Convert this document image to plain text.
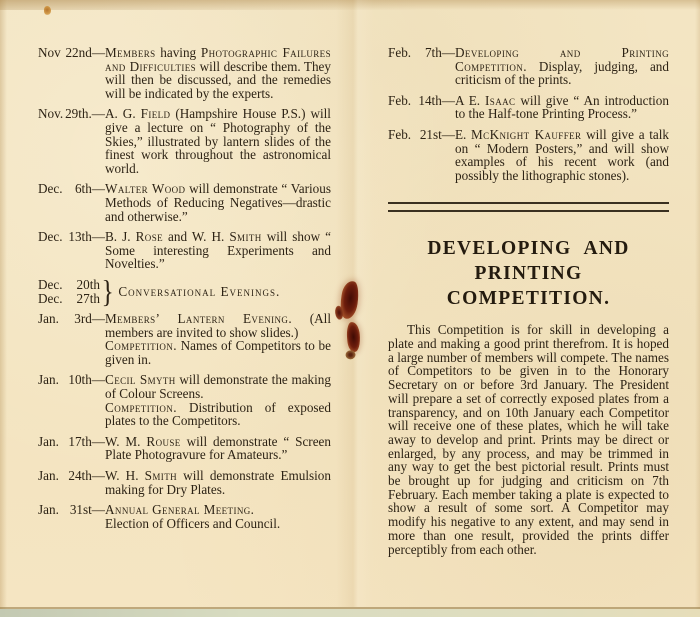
Nov 22nd— Members having Photographic Failures and Difficulties will describe them. They will then be discussed, and the remedies will be indicated by the experts.
Nov. 29th.— A. G. Field (Hampshire House P.S.) will give a lecture on “ Photography of the Skies,” illustrated by lantern slides of the finest work throughout the astronomical world.
Dec. 6th— Walter Wood will demonstrate “ Various Methods of Reducing Negatives—drastic and otherwise.”
Dec. 13th— B. J. Rose and W. H. Smith will show “ Some interesting Experiments and Novelties.”
Dec. 20th
Dec. 27th } Conversational Evenings.
Jan. 3rd— Members’ Lantern Evening. (All members are invited to show slides.)
Competition. Names of Competitors to be given in.
Jan. 10th— Cecil Smyth will demonstrate the making of Colour Screens.
Competition. Distribution of exposed plates to the Competitors.
Jan. 17th— W. M. Rouse will demonstrate “ Screen Plate Photogravure for Amateurs.”
Jan. 24th— W. H. Smith will demonstrate Emulsion making for Dry Plates.
Jan. 31st— Annual General Meeting.
Election of Officers and Council.
Feb. 7th— Developing and Printing Competition. Display, judging, and criticism of the prints.
Feb. 14th— A E. Isaac will give “ An introduction to the Half-tone Printing Process.”
Feb. 21st— E. McKnight Kauffer will give a talk on “ Modern Posters,” and will show examples of his recent work (and possibly the lithographic stones).
DEVELOPING AND
PRINTING COMPETITION.

This Competition is for skill in developing a plate and making a good print therefrom. It is hoped a large number of members will compete. The names of Competitors to be given in to the Honorary Secretary on or before 3rd January. The President will prepare a set of correctly exposed plates from a transparency, and on 10th January each Competitor will receive one of these plates, which he will take away to develop and print. Prints may be direct or enlarged, by any process, and may be trimmed in any way to get the best pictorial result. Prints must be brought up for judging and criticism on 7th February. Each member taking a plate is expected to show a result of some sort. A Competitor may modify his negative to any extent, and may send in more than one result, provided the prints differ perceptibly from each other.
